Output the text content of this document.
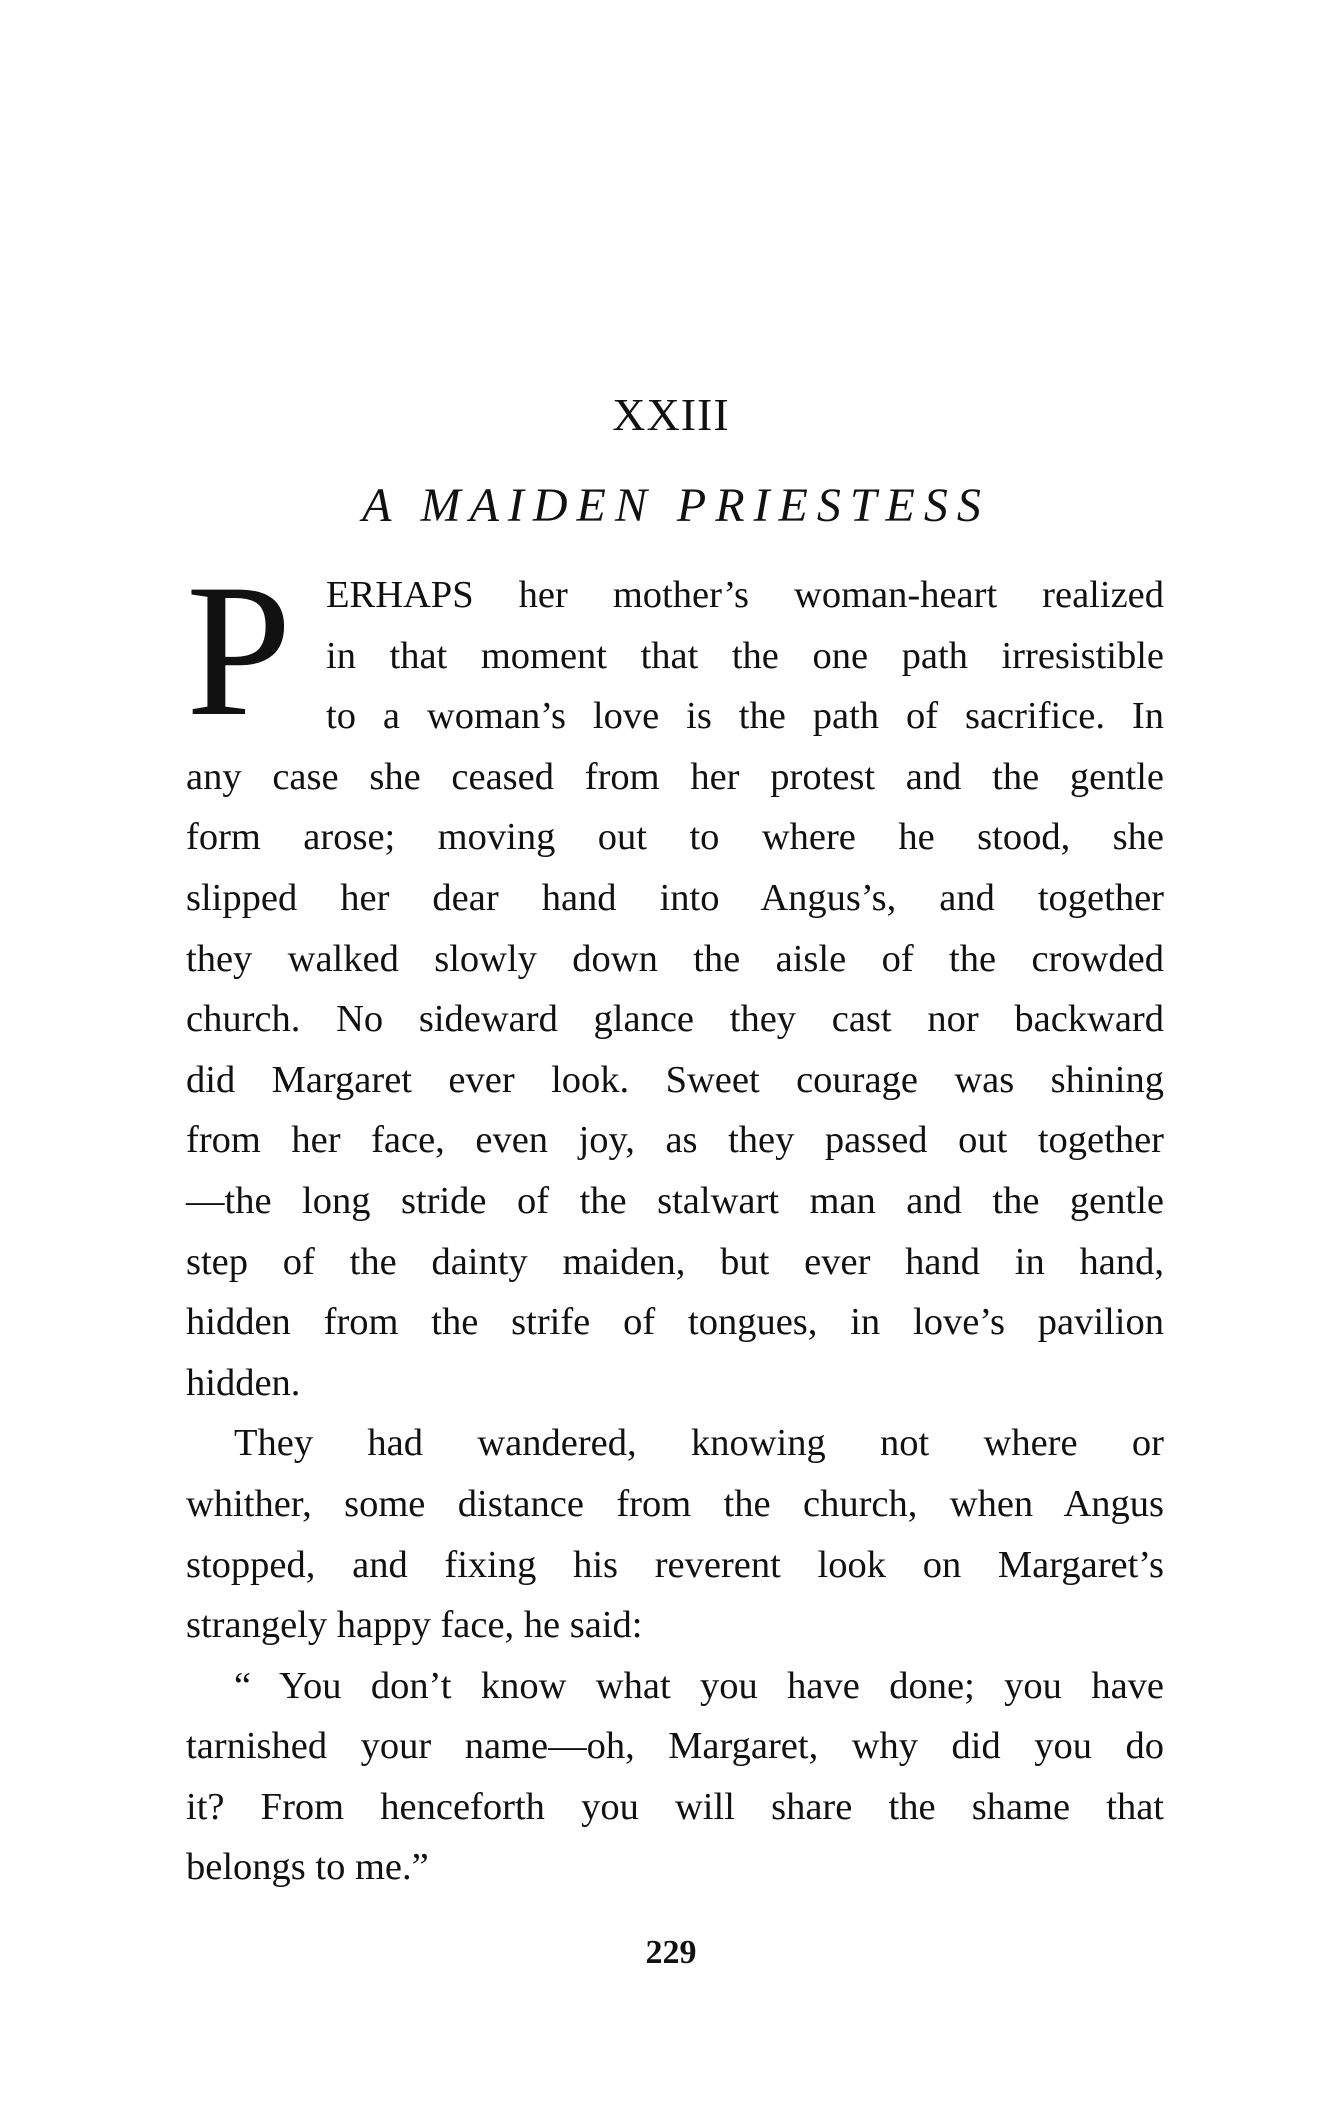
XXIII
A MAIDEN PRIESTESS
P ERHAPS her mother’s woman-heart realized
in that moment that the one path irresistible
to a woman’s love is the path of sacrifice. In
any case she ceased from her protest and the gentle
form arose; moving out to where he stood, she
slipped her dear hand into Angus’s, and together
they walked slowly down the aisle of the crowded
church. No sideward glance they cast nor backward
did Margaret ever look. Sweet courage was shining
from her face, even joy, as they passed out together
—the long stride of the stalwart man and the gentle
step of the dainty maiden, but ever hand in hand,
hidden from the strife of tongues, in love’s pavilion
hidden.
They had wandered, knowing not where or
whither, some distance from the church, when Angus
stopped, and fixing his reverent look on Margaret’s
strangely happy face, he said:
“ You don’t know what you have done; you have
tarnished your name—oh, Margaret, why did you do
it? From henceforth you will share the shame that
belongs to me.”
229
